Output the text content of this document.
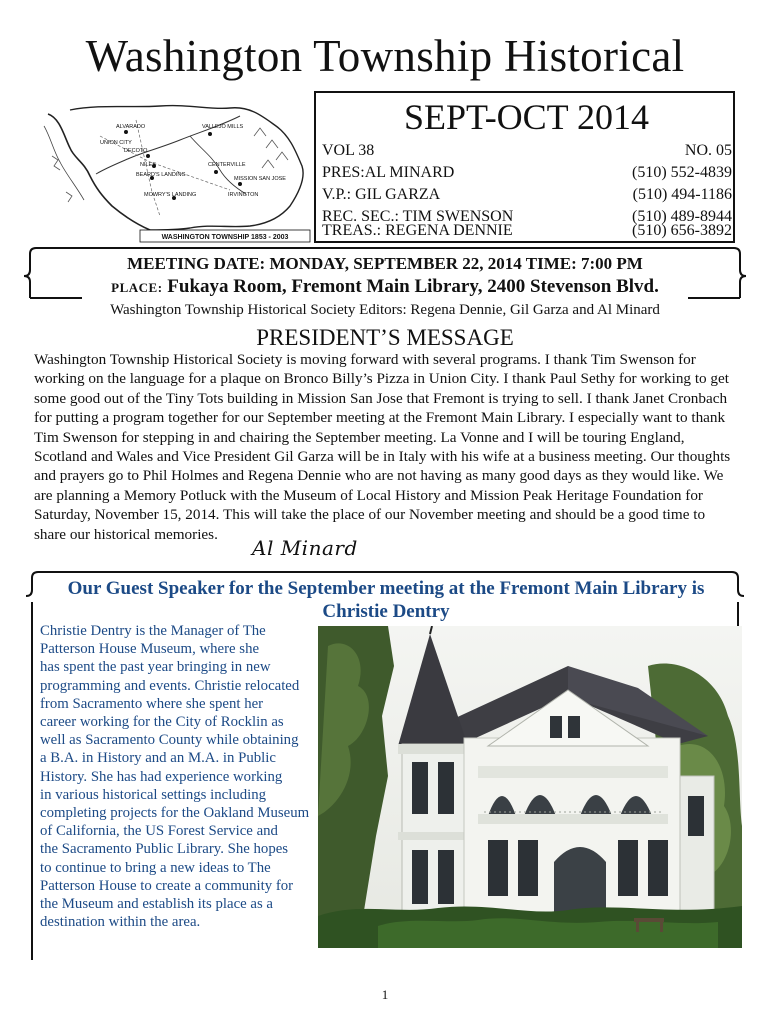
Washington Township Historical
ALVARADO	VALLEJO MILLS
DECOTO
UNION CITY
NILES	CENTERVILLE
BEARD'S LANDING
MISSION SAN JOSE
MOWRY'S LANDING	IRVINGTON
WASHINGTON TOWNSHIP 1853 - 2003
SEPT-OCT 2014
VOL 38	NO. 05
PRES:AL MINARD	(510) 552-4839
V.P.: GIL GARZA	(510) 494-1186
REC. SEC.: TIM SWENSON	(510) 489-8944
TREAS.: REGENA DENNIE	(510) 656-3892
MEETING DATE: MONDAY, SEPTEMBER 22, 2014 TIME: 7:00 PM
PLACE: Fukaya Room, Fremont Main Library, 2400 Stevenson Blvd.
Washington Township Historical Society Editors: Regena Dennie, Gil Garza and Al Minard
PRESIDENT’S MESSAGE

Washington Township Historical Society is moving forward with several programs. I thank Tim Swenson for working on the language for a plaque on Bronco Billy’s Pizza in Union City. I thank Paul Sethy for working to get some good out of the Tiny Tots building in Mission San Jose that Fremont is trying to sell. I thank Janet Cronbach for putting a program together for our September meeting at the Fremont Main Library. I especially want to thank Tim Swenson for stepping in and chairing the September meeting. La Vonne and I will be touring England, Scotland and Wales and Vice President Gil Garza will be in Italy with his wife at a business meeting. Our thoughts and prayers go to Phil Holmes and Regena Dennie who are not having as many good days as they would like. We are planning a Memory Potluck with the Museum of Local History and Mission Peak Heritage Foundation for Saturday, November 15, 2014. This will take the place of our November meeting and should be a good time to share our historical memories.

Al Minard
Our Guest Speaker for the September meeting at the Fremont Main Library is
Christie Dentry
Christie Dentry is the Manager of The
Patterson House Museum, where she
has spent the past year bringing in new
programming and events. Christie relocated
from Sacramento where she spent her
career working for the City of Rocklin as
well as Sacramento County while obtaining
a B.A. in History and an M.A. in Public
History. She has had experience working
in various historical settings including
completing projects for the Oakland Museum
of California, the US Forest Service and
the Sacramento Public Library. She hopes
to continue to bring a new ideas to The
Patterson House to create a community for
the Museum and establish its place as a
destination within the area.
1
